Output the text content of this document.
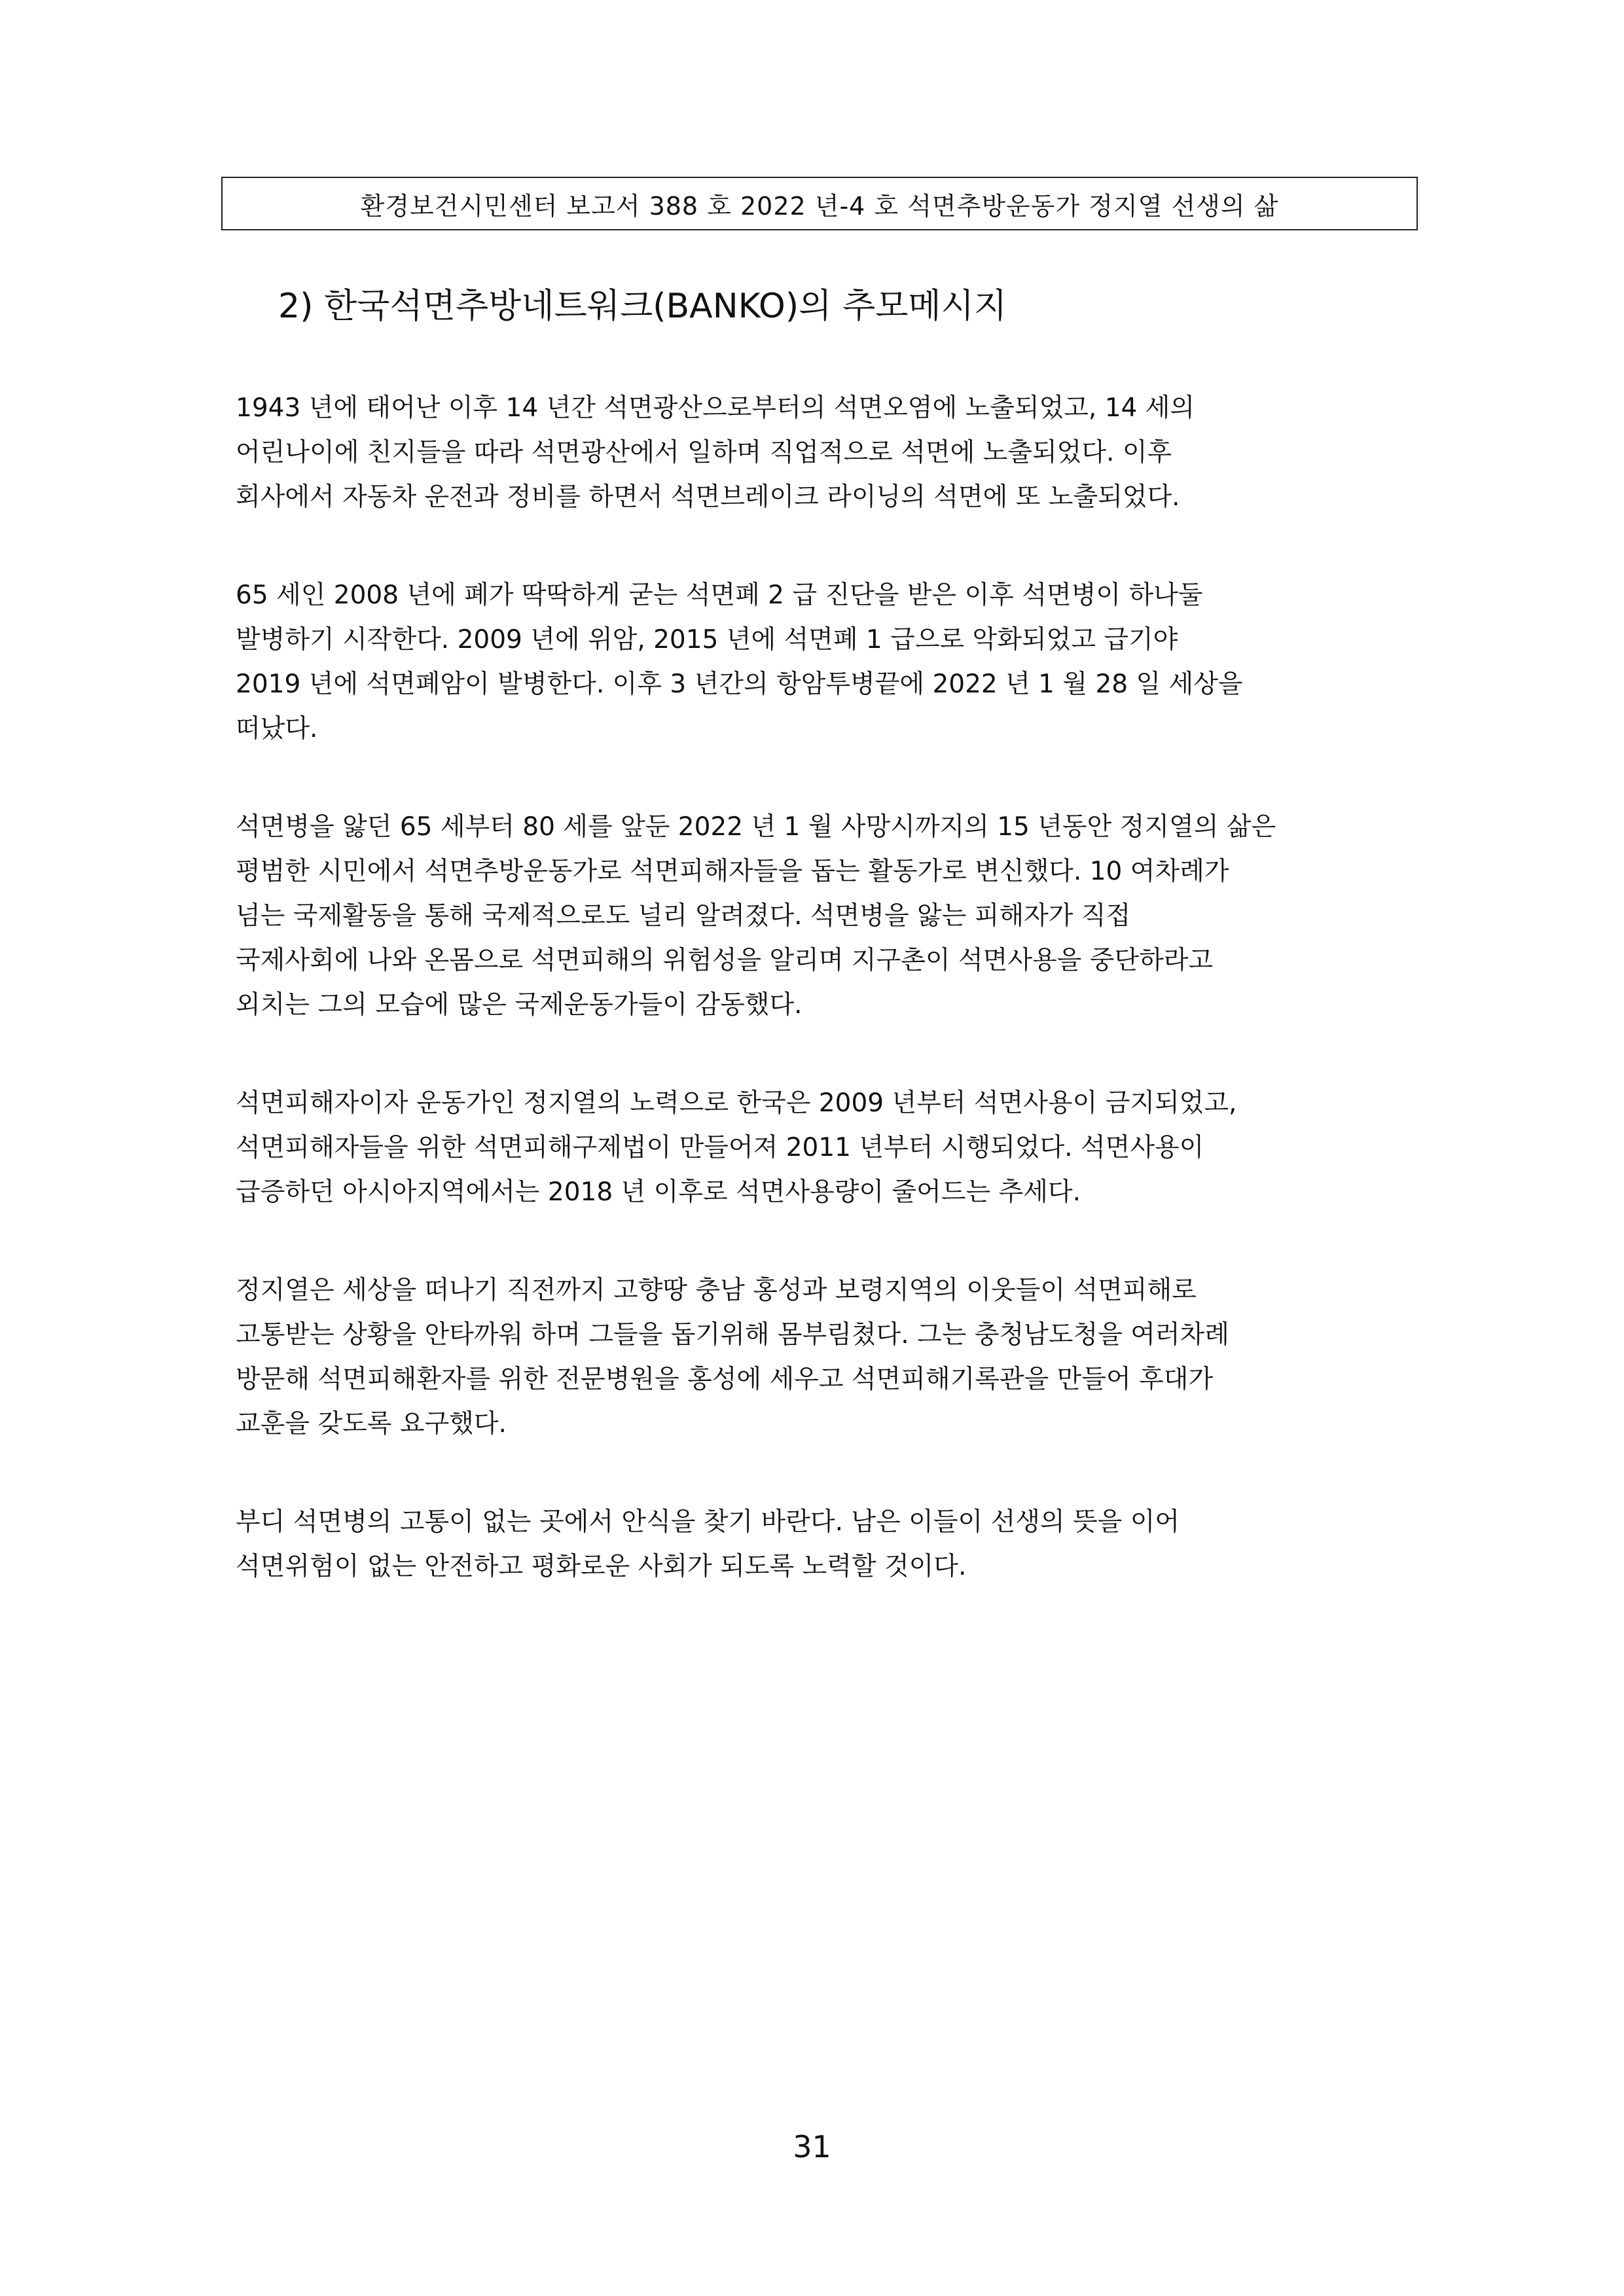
환경보건시민센터 보고서 388 호 2022 년-4 호 석면추방운동가 정지열 선생의 삶
2) 한국석면추방네트워크(BANKO)의 추모메시지

1943 년에 태어난 이후 14 년간 석면광산으로부터의 석면오염에 노출되었고, 14 세의
어린나이에 친지들을 따라 석면광산에서 일하며 직업적으로 석면에 노출되었다. 이후
회사에서 자동차 운전과 정비를 하면서 석면브레이크 라이닝의 석면에 또 노출되었다.

65 세인 2008 년에 폐가 딱딱하게 굳는 석면폐 2 급 진단을 받은 이후 석면병이 하나둘
발병하기 시작한다. 2009 년에 위암, 2015 년에 석면폐 1 급으로 악화되었고 급기야
2019 년에 석면폐암이 발병한다. 이후 3 년간의 항암투병끝에 2022 년 1 월 28 일 세상을
떠났다.

석면병을 앓던 65 세부터 80 세를 앞둔 2022 년 1 월 사망시까지의 15 년동안 정지열의 삶은
평범한 시민에서 석면추방운동가로 석면피해자들을 돕는 활동가로 변신했다. 10 여차례가
넘는 국제활동을 통해 국제적으로도 널리 알려졌다. 석면병을 앓는 피해자가 직접
국제사회에 나와 온몸으로 석면피해의 위험성을 알리며 지구촌이 석면사용을 중단하라고
외치는 그의 모습에 많은 국제운동가들이 감동했다.

석면피해자이자 운동가인 정지열의 노력으로 한국은 2009 년부터 석면사용이 금지되었고,
석면피해자들을 위한 석면피해구제법이 만들어져 2011 년부터 시행되었다. 석면사용이
급증하던 아시아지역에서는 2018 년 이후로 석면사용량이 줄어드는 추세다.

정지열은 세상을 떠나기 직전까지 고향땅 충남 홍성과 보령지역의 이웃들이 석면피해로
고통받는 상황을 안타까워 하며 그들을 돕기위해 몸부림쳤다. 그는 충청남도청을 여러차례
방문해 석면피해환자를 위한 전문병원을 홍성에 세우고 석면피해기록관을 만들어 후대가
교훈을 갖도록 요구했다.

부디 석면병의 고통이 없는 곳에서 안식을 찾기 바란다. 남은 이들이 선생의 뜻을 이어
석면위험이 없는 안전하고 평화로운 사회가 되도록 노력할 것이다.

31
